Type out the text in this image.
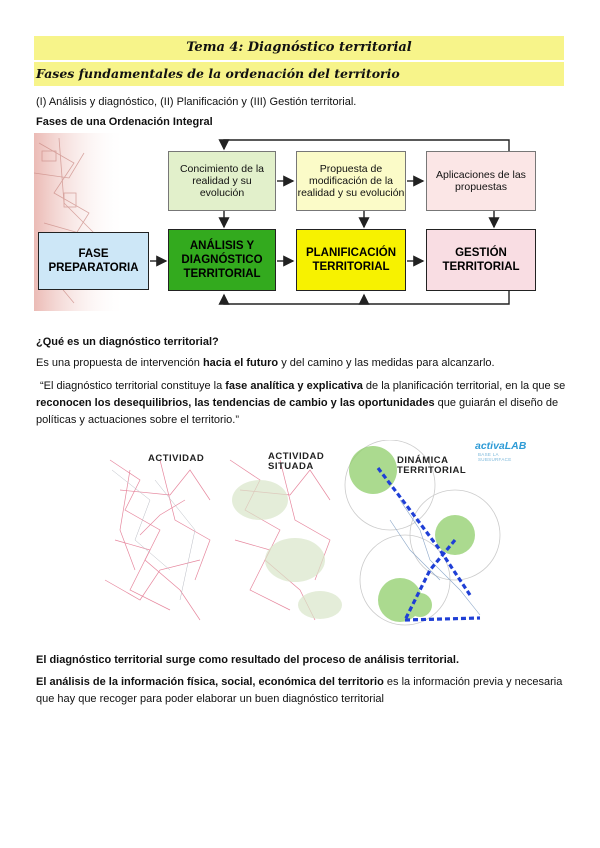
Tema 4: Diagnóstico territorial
Fases fundamentales de la ordenación del territorio
(I) Análisis y diagnóstico, (II) Planificación y (III) Gestión territorial.
Fases de una Ordenación Integral
Concimiento de la realidad y su evolución
Propuesta de modificación de la realidad y su evolución
Aplicaciones de las propuestas
FASE PREPARATORIA
ANÁLISIS Y DIAGNÓSTICO TERRITORIAL
PLANIFICACIÓN TERRITORIAL
GESTIÓN TERRITORIAL
¿Qué es un diagnóstico territorial?
Es una propuesta de intervención hacia el futuro y del camino y las medidas para alcanzarlo.
“El diagnóstico territorial constituye la fase analítica y explicativa de la planificación territorial, en la que se reconocen los desequilibrios, las tendencias de cambio y las oportunidades que guiarán el diseño de políticas y actuaciones sobre el territorio.”
ACTIVIDAD	ACTIVIDAD SITUADA
DINÁMICA TERRITORIAL
activaLAB
BASE LA SUBSURFACE
El diagnóstico territorial surge como resultado del proceso de análisis territorial.
El análisis de la información física, social, económica del territorio es la información previa y necesaria que hay que recoger para poder elaborar un buen diagnóstico territorial
